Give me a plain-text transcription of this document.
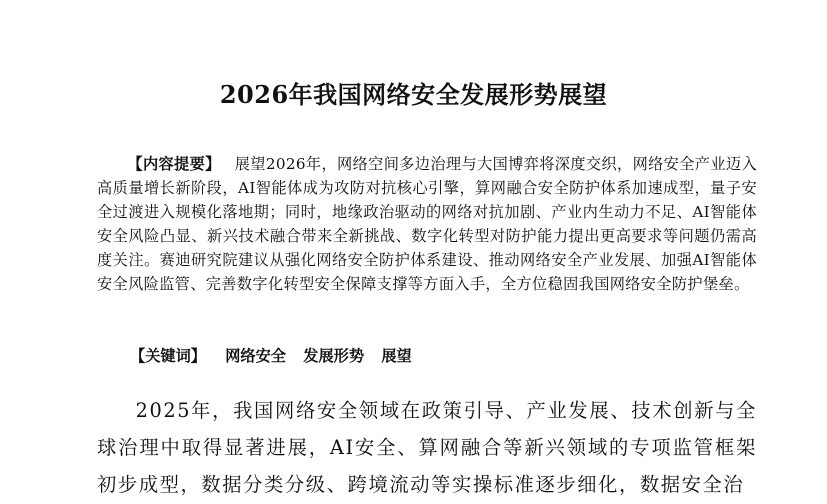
2026年我国网络安全发展形势展望
【内容提要】 展望2026年，网络空间多边治理与大国博弈将深度交织，网络安全产业迈入高质量增长新阶段，AI智能体成为攻防对抗核心引擎，算网融合安全防护体系加速成型，量子安全过渡进入规模化落地期；同时，地缘政治驱动的网络对抗加剧、产业内生动力不足、AI智能体安全风险凸显、新兴技术融合带来全新挑战、数字化转型对防护能力提出更高要求等问题仍需高度关注。赛迪研究院建议从强化网络安全防护体系建设、推动网络安全产业发展、加强AI智能体安全风险监管、完善数字化转型安全保障支撑等方面入手，全方位稳固我国网络安全防护堡垒。
【关键词】 网络安全 发展形势 展望
2025年，我国网络安全领域在政策引导、产业发展、技术创新与全球治理中取得显著进展，AI安全、算网融合等新兴领域的专项监管框架初步成型，数据分类分级、跨境流动等实操标准逐步细化，数据安全治
